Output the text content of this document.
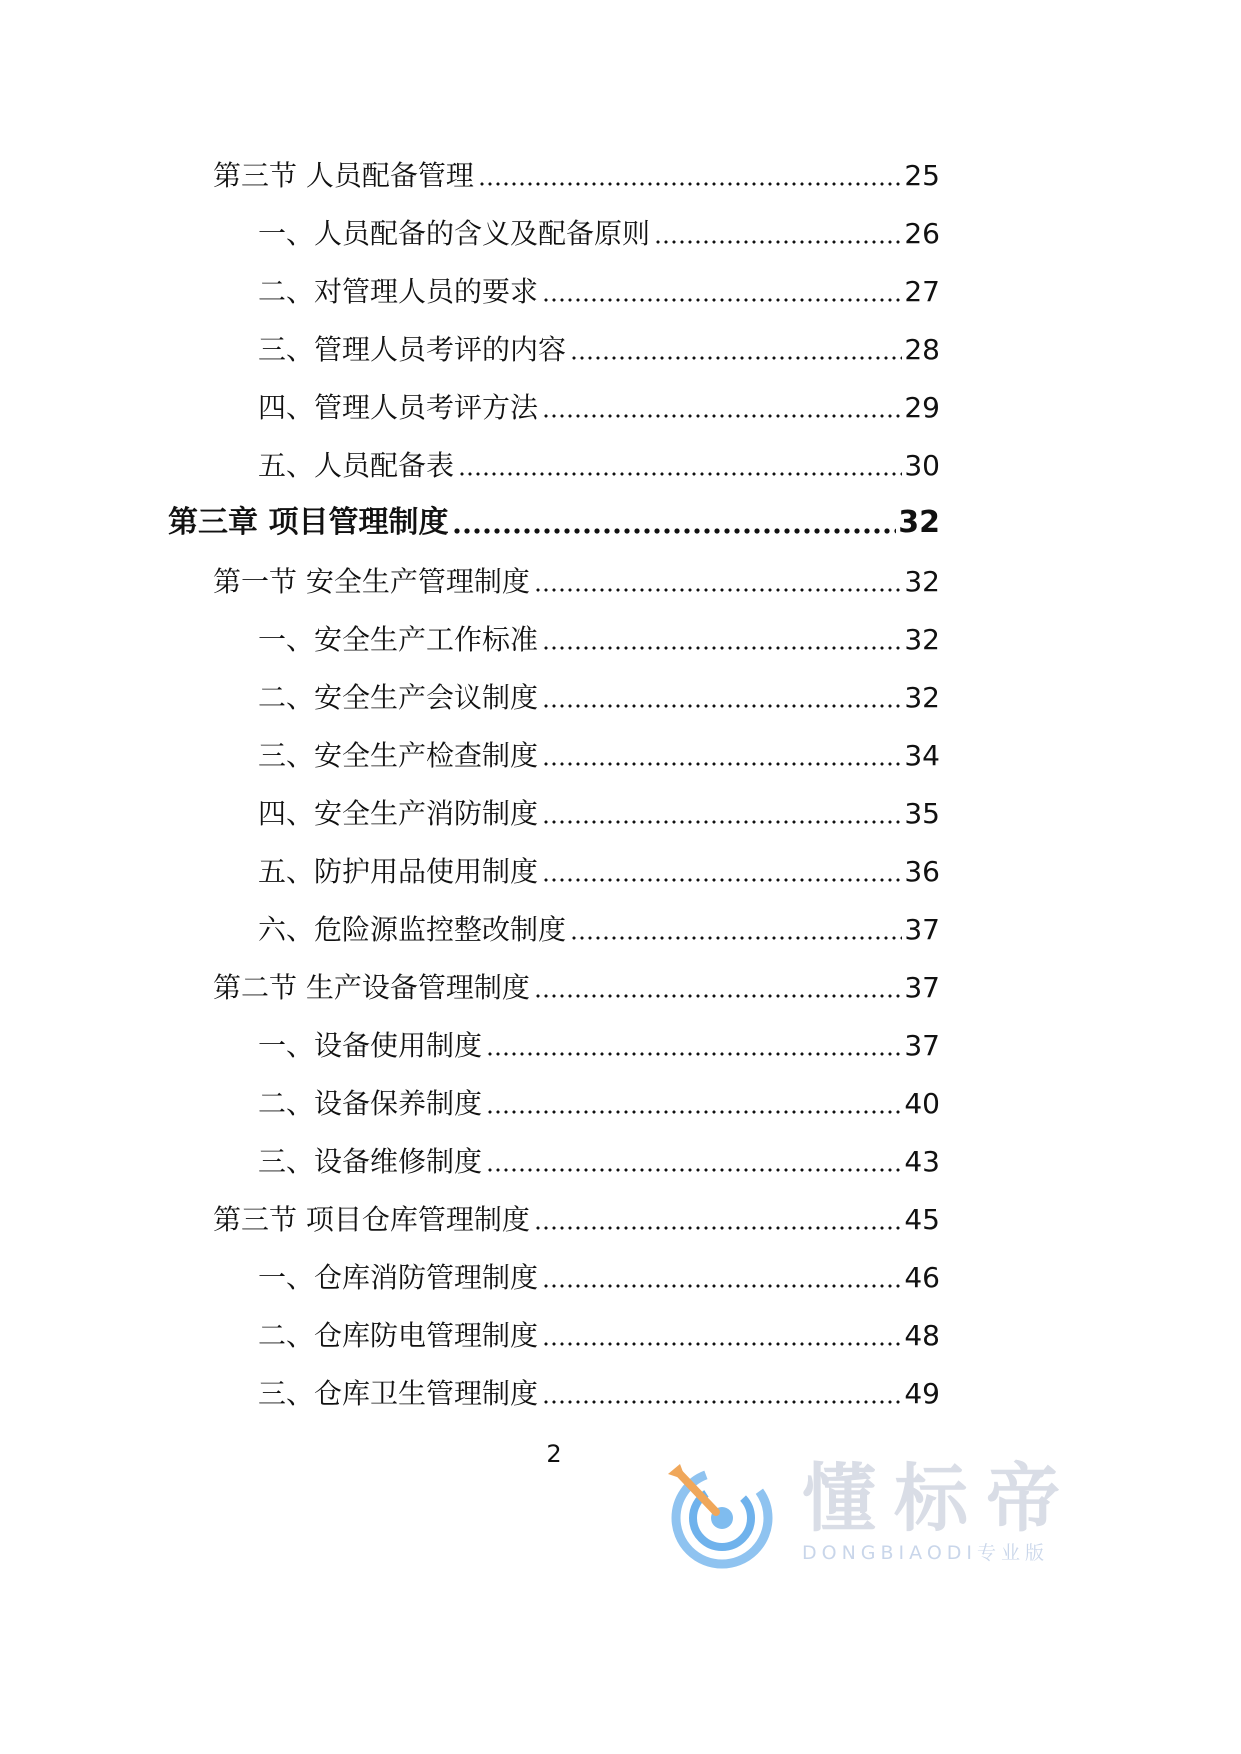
第三节 人员配备管理	25
一、人员配备的含义及配备原则	26
二、对管理人员的要求	27
三、管理人员考评的内容	28
四、管理人员考评方法	29
五、人员配备表	30
第三章 项目管理制度	32
第一节 安全生产管理制度	32
一、安全生产工作标准	32
二、安全生产会议制度	32
三、安全生产检查制度	34
四、安全生产消防制度	35
五、防护用品使用制度	36
六、危险源监控整改制度	37
第二节 生产设备管理制度	37
一、设备使用制度	37
二、设备保养制度	40
三、设备维修制度	43
第三节 项目仓库管理制度	45
一、仓库消防管理制度	46
二、仓库防电管理制度	48
三、仓库卫生管理制度	49
2
懂标帝
DONGBIAODI专业版
